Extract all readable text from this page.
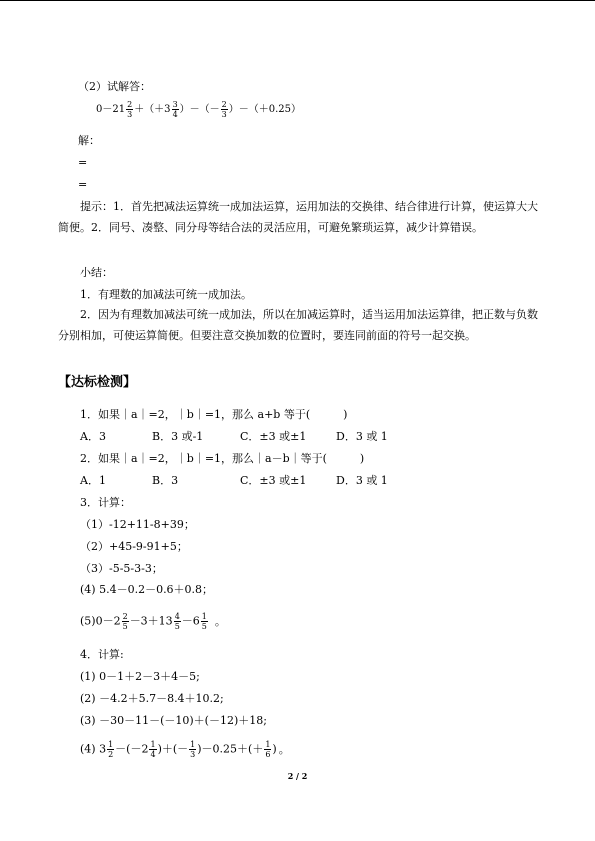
（2）试解答：
$0-21 \frac{2}{3} +(+3 \frac{3}{4}$ ）－（－ $\frac{2}{3} )-(+0.25)$
解：
=
=
提示：1．首先把减法运算统一成加法运算，运用加法的交换律、结合律进行计算，使运算大大简便。2．同号、凑整、同分母等结合法的灵活应用，可避免繁琐运算，减少计算错误。
小结：
1．有理数的加减法可统一成加法。
2．因为有理数加减法可统一成加法，所以在加减运算时，适当运用加法运算律，把正数与负数分别相加，可使运算简便。但要注意交换加数的位置时，要连同前面的符号一起交换。
【达标检测】
1．如果｜a｜=2，｜b｜=1，那么 a+b 等于(　　　)
A．3	B．3 或-1	C．±3 或±1	D．3 或 1
2．如果｜a｜=2，｜b｜=1，那么｜a－b｜等于(　　　)
A．1	B．3	C．±3 或±1	D．3 或 1
3．计算：
（1）-12+11-8+39；
（2）+45-9-91+5；
（3）-5-5-3-3；
(4) 5.4－0.2－0.6＋0.8；
$(5)0-2 \frac{2}{5} -3+13 \frac{4}{5} -6 \frac{1}{5}$ 。
4．计算:
(1) 0－1＋2－3＋4－5;
(2) －4.2＋5.7－8.4＋10.2;
(3) －30－11－(－10)＋(－12)＋18;
(4) $3 \frac{1}{2} -(-2 \frac{1}{4}$ )＋(－ $\frac{1}{3} )-0.25+(+ \frac{1}{6}$ ) 。
2 / 2
